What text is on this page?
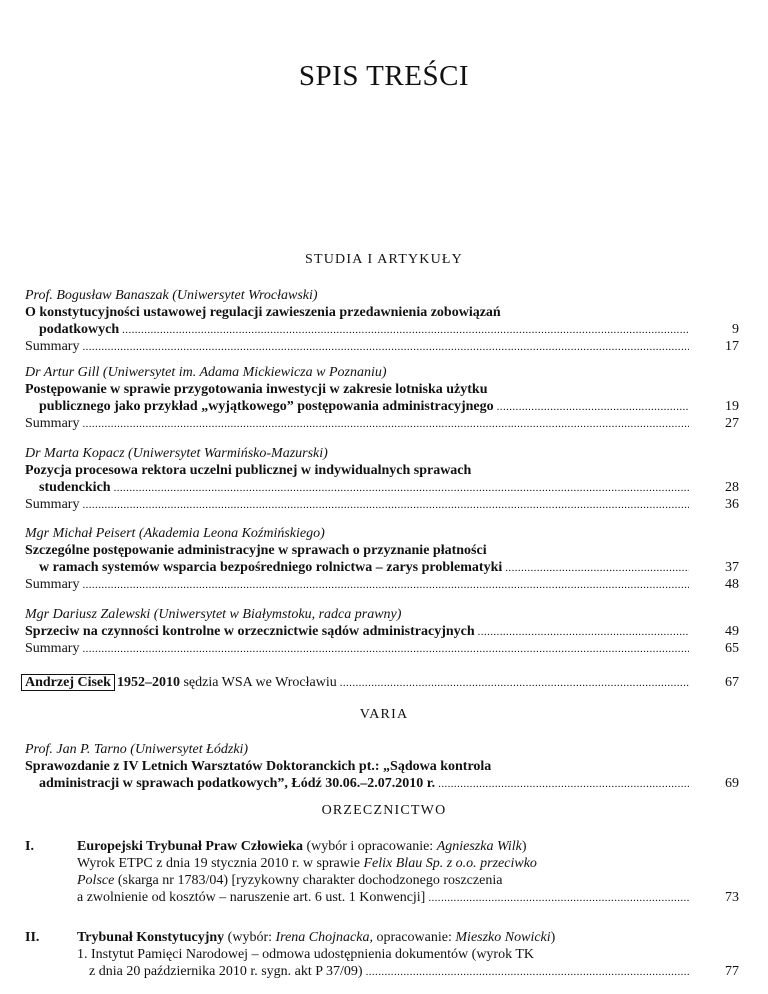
SPIS TREŚCI
STUDIA I ARTYKUŁY
Prof. Bogusław Banaszak (Uniwersytet Wrocławski)
O konstytucyjności ustawowej regulacji zawieszenia przedawnienia zobowiązań
podatkowych .....	9
Summary .....	17
Dr Artur Gill (Uniwersytet im. Adama Mickiewicza w Poznaniu)
Postępowanie w sprawie przygotowania inwestycji w zakresie lotniska użytku
publicznego jako przykład „wyjątkowego” postępowania administracyjnego .....	19
Summary .....	27
Dr Marta Kopacz (Uniwersytet Warmińsko-Mazurski)
Pozycja procesowa rektora uczelni publicznej w indywidualnych sprawach
studenckich .....	28
Summary .....	36
Mgr Michał Peisert (Akademia Leona Koźmińskiego)
Szczególne postępowanie administracyjne w sprawach o przyznanie płatności
w ramach systemów wsparcia bezpośredniego rolnictwa – zarys problematyki .....	37
Summary .....	48
Mgr Dariusz Zalewski (Uniwersytet w Białymstoku, radca prawny)
Sprzeciw na czynności kontrolne w orzecznictwie sądów administracyjnych .....	49
Summary .....	65
Andrzej Cisek 1952–2010 sędzia WSA we Wrocławiu .....	67
VARIA
Prof. Jan P. Tarno (Uniwersytet Łódzki)
Sprawozdanie z IV Letnich Warsztatów Doktoranckich pt.: „Sądowa kontrola
administracji w sprawach podatkowych”, Łódź 30.06.–2.07.2010 r. .....	69
ORZECZNICTWO
I.	Europejski Trybunał Praw Człowieka (wybór i opracowanie: Agnieszka Wilk)
Wyrok ETPC z dnia 19 stycznia 2010 r. w sprawie Felix Blau Sp. z o.o. przeciwko
Polsce (skarga nr 1783/04) [ryzykowny charakter dochodzonego roszczenia
a zwolnienie od kosztów – naruszenie art. 6 ust. 1 Konwencji] .....	73
II.	Trybunał Konstytucyjny (wybór: Irena Chojnacka, opracowanie: Mieszko Nowicki)
1. Instytut Pamięci Narodowej – odmowa udostępnienia dokumentów (wyrok TK
z dnia 20 października 2010 r. sygn. akt P 37/09) .....	77
